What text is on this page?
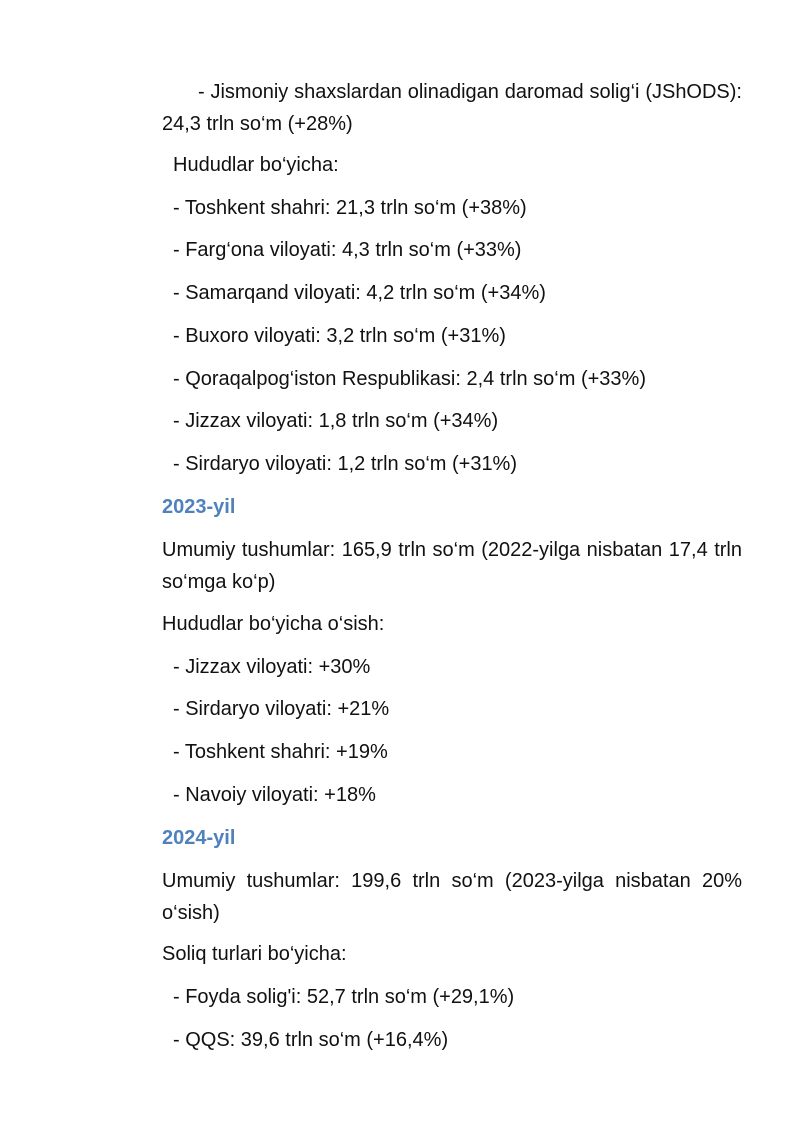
- Jismoniy shaxslardan olinadigan daromad solig‘i (JShODS): 24,3 trln so‘m (+28%)

Hududlar bo‘yicha:

- Toshkent shahri: 21,3 trln so‘m (+38%)

- Farg‘ona viloyati: 4,3 trln so‘m (+33%)

- Samarqand viloyati: 4,2 trln so‘m (+34%)

- Buxoro viloyati: 3,2 trln so‘m (+31%)

- Qoraqalpog‘iston Respublikasi: 2,4 trln so‘m (+33%)

- Jizzax viloyati: 1,8 trln so‘m (+34%)

- Sirdaryo viloyati: 1,2 trln so‘m (+31%)

2023-yil

Umumiy tushumlar: 165,9 trln so‘m (2022-yilga nisbatan 17,4 trln so‘mga ko‘p)

Hududlar bo‘yicha o‘sish:

- Jizzax viloyati: +30%

- Sirdaryo viloyati: +21%

- Toshkent shahri: +19%

- Navoiy viloyati: +18%

2024-yil

Umumiy tushumlar: 199,6 trln so‘m (2023-yilga nisbatan 20% o‘sish)

Soliq turlari bo‘yicha:

- Foyda solig'i: 52,7 trln so‘m (+29,1%)

- QQS: 39,6 trln so‘m (+16,4%)
